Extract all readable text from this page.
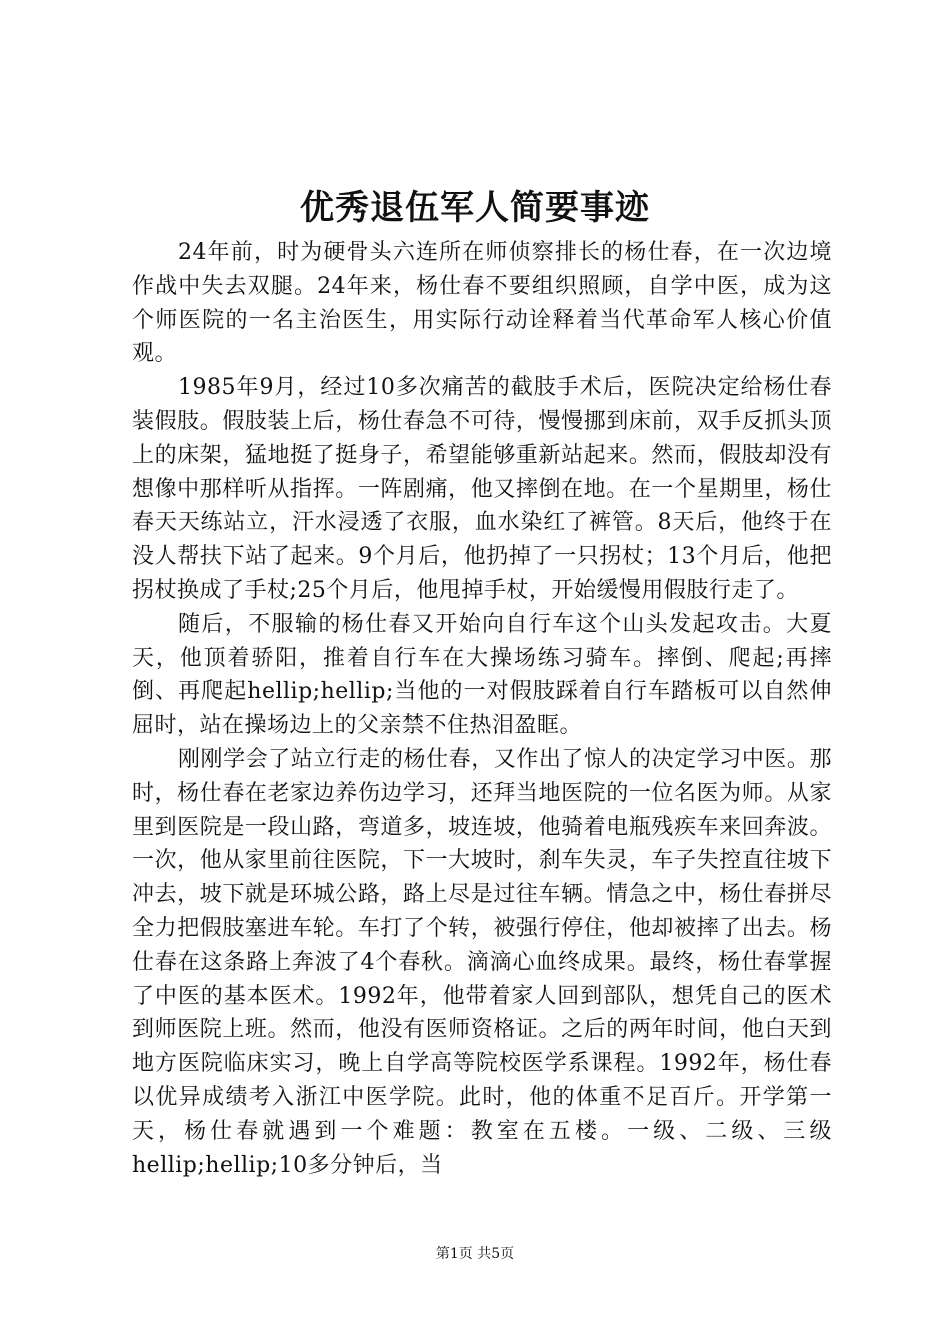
优秀退伍军人简要事迹

24年前，时为硬骨头六连所在师侦察排长的杨仕春，在一次边境作战中失去双腿。24年来，杨仕春不要组织照顾，自学中医，成为这个师医院的一名主治医生，用实际行动诠释着当代革命军人核心价值观。

1985年9月，经过10多次痛苦的截肢手术后，医院决定给杨仕春装假肢。假肢装上后，杨仕春急不可待，慢慢挪到床前，双手反抓头顶上的床架，猛地挺了挺身子，希望能够重新站起来。然而，假肢却没有想像中那样听从指挥。一阵剧痛，他又摔倒在地。在一个星期里，杨仕春天天练站立，汗水浸透了衣服，血水染红了裤管。8天后，他终于在没人帮扶下站了起来。9个月后，他扔掉了一只拐杖；13个月后，他把拐杖换成了手杖;25个月后，他甩掉手杖，开始缓慢用假肢行走了。

随后，不服输的杨仕春又开始向自行车这个山头发起攻击。大夏天，他顶着骄阳，推着自行车在大操场练习骑车。摔倒、爬起;再摔倒、再爬起hellip;hellip;当他的一对假肢踩着自行车踏板可以自然伸屈时，站在操场边上的父亲禁不住热泪盈眶。

刚刚学会了站立行走的杨仕春，又作出了惊人的决定学习中医。那时，杨仕春在老家边养伤边学习，还拜当地医院的一位名医为师。从家里到医院是一段山路，弯道多，坡连坡，他骑着电瓶残疾车来回奔波。一次，他从家里前往医院，下一大坡时，刹车失灵，车子失控直往坡下冲去，坡下就是环城公路，路上尽是过往车辆。情急之中，杨仕春拼尽全力把假肢塞进车轮。车打了个转，被强行停住，他却被摔了出去。杨仕春在这条路上奔波了4个春秋。滴滴心血终成果。最终，杨仕春掌握了中医的基本医术。1992年，他带着家人回到部队，想凭自己的医术到师医院上班。然而，他没有医师资格证。之后的两年时间，他白天到地方医院临床实习，晚上自学高等院校医学系课程。1992年，杨仕春以优异成绩考入浙江中医学院。此时，他的体重不足百斤。开学第一天，杨仕春就遇到一个难题：教室在五楼。一级、二级、三级hellip;hellip;10多分钟后，当

第1页 共5页
